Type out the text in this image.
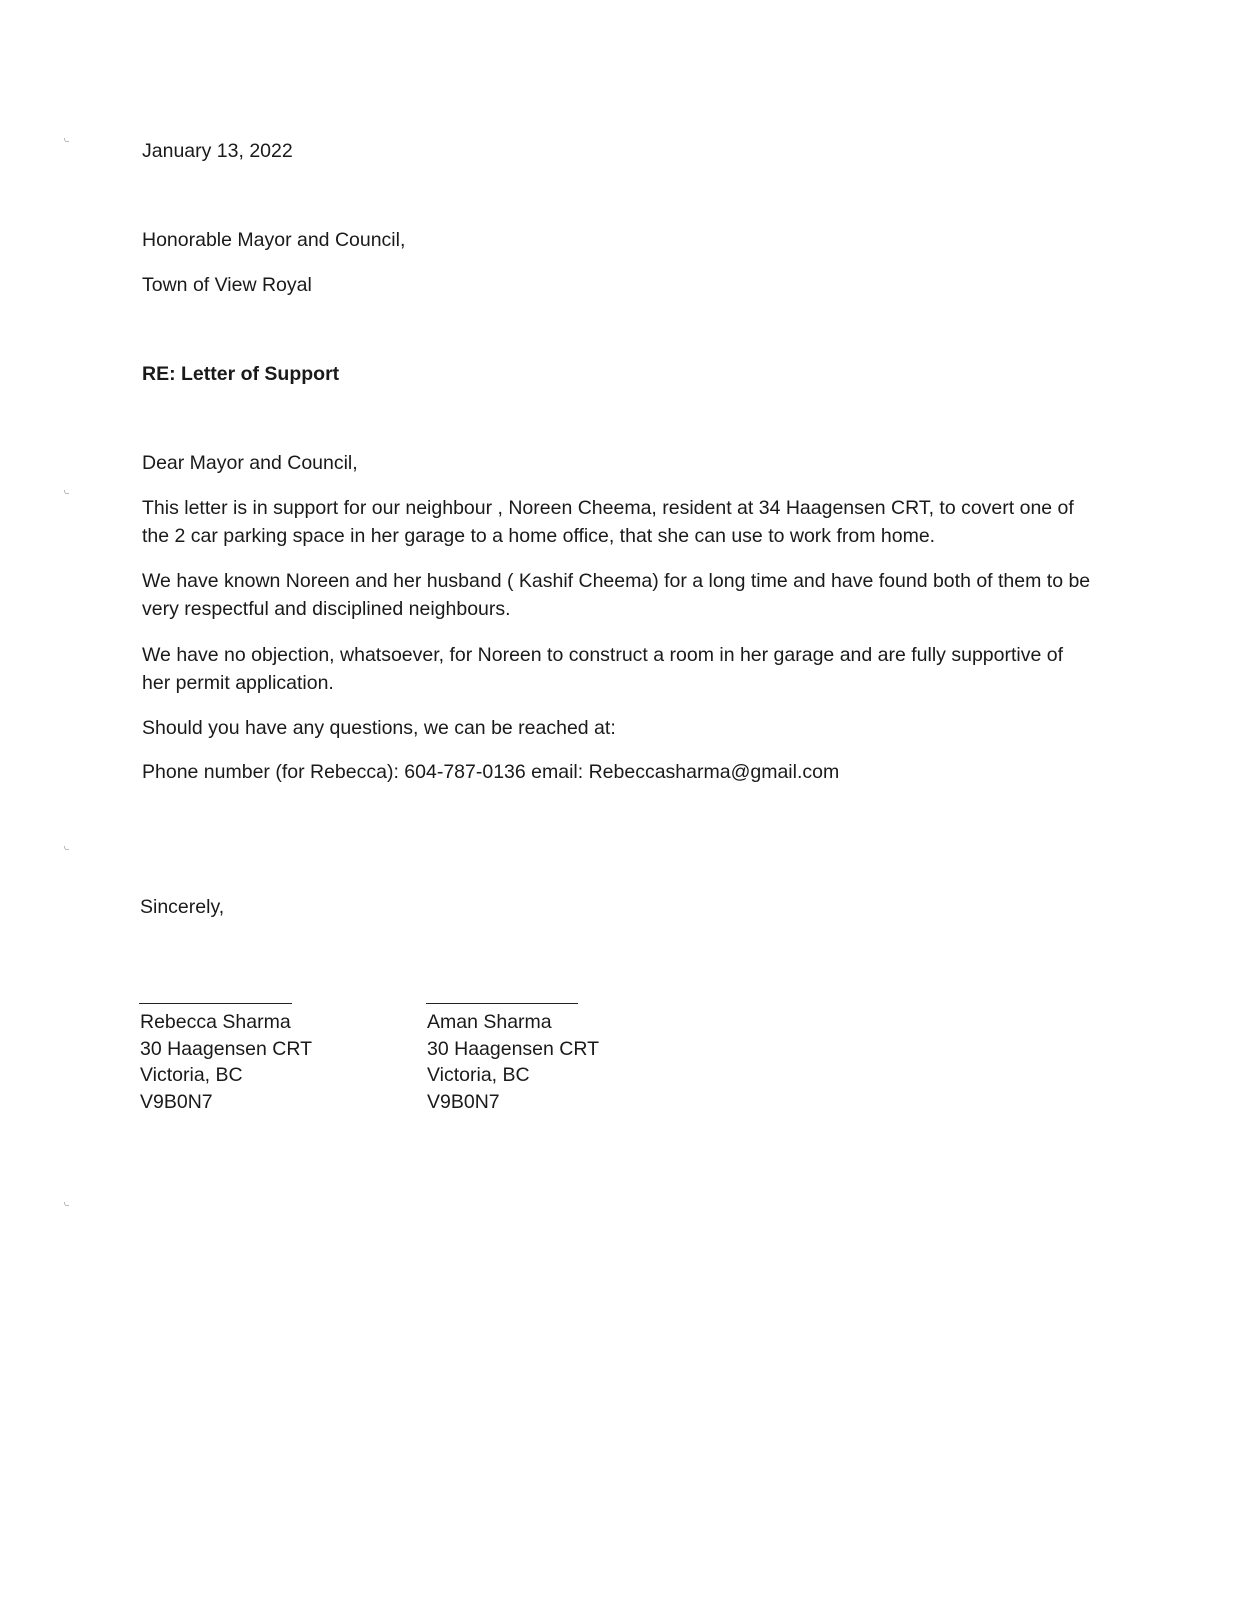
January 13, 2022

Honorable Mayor and Council,

Town of View Royal

RE: Letter of Support

Dear Mayor and Council,

This letter is in support for our neighbour , Noreen Cheema, resident at 34 Haagensen CRT, to covert one of the 2 car parking space in her garage to a home office, that she can use to work from home.

We have known Noreen and her husband ( Kashif Cheema) for a long time and have found both of them to be very respectful and disciplined neighbours.

We have no objection, whatsoever, for Noreen to construct a room in her garage and are fully supportive of her permit application.

Should you have any questions, we can be reached at:

Phone number (for Rebecca): 604-787-0136 email: Rebeccasharma@gmail.com

Sincerely,

Rebecca Sharma
30 Haagensen CRT
Victoria, BC
V9B0N7
Aman Sharma
30 Haagensen CRT
Victoria, BC
V9B0N7
